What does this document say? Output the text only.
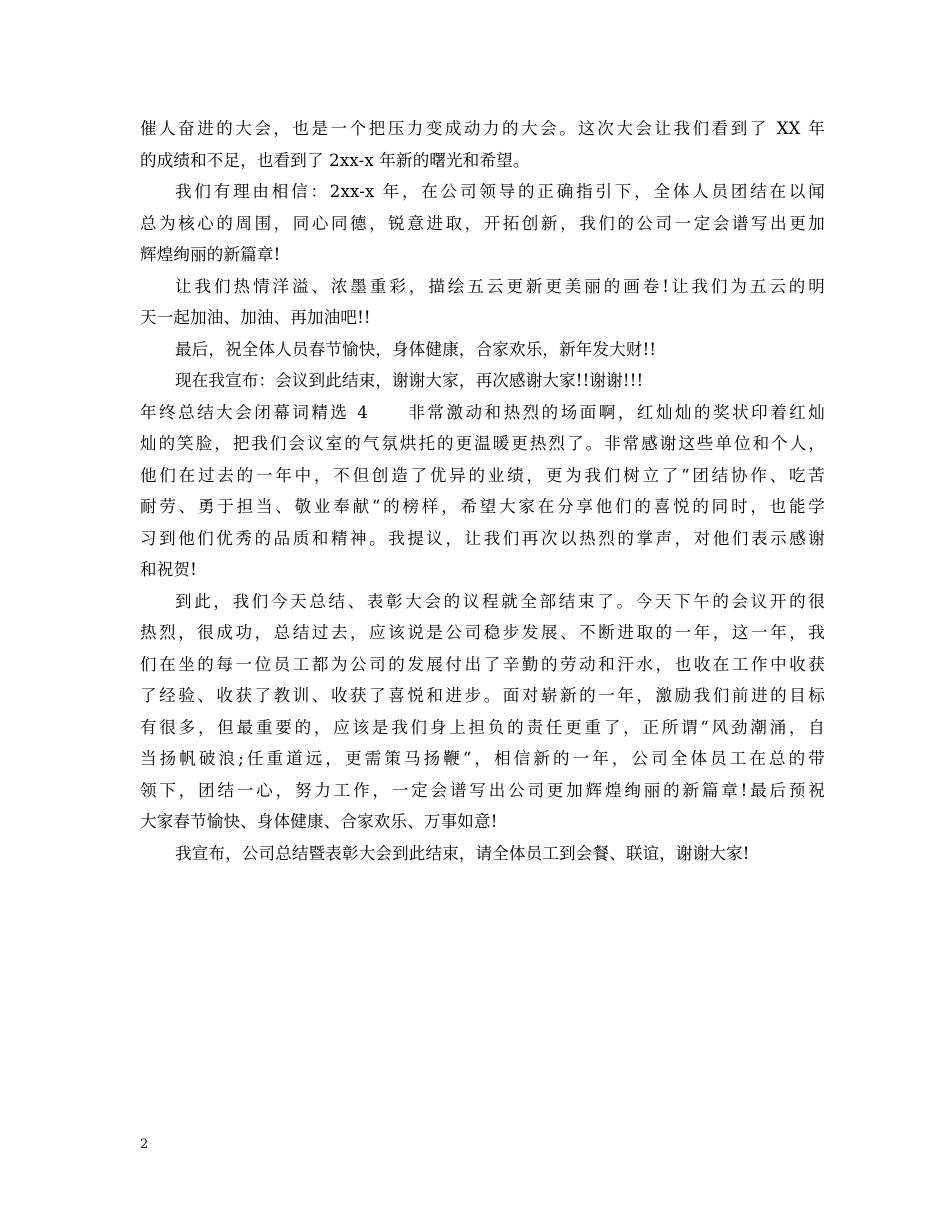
催人奋进的大会，也是一个把压力变成动力的大会。这次大会让我们看到了 XX 年
的成绩和不足，也看到了 2xx-x 年新的曙光和希望。
我们有理由相信：2xx-x 年，在公司领导的正确指引下，全体人员团结在以闻
总为核心的周围，同心同德，锐意进取，开拓创新，我们的公司一定会谱写出更加
辉煌绚丽的新篇章!
让我们热情洋溢、浓墨重彩，描绘五云更新更美丽的画卷!让我们为五云的明
天一起加油、加油、再加油吧!!
最后，祝全体人员春节愉快，身体健康，合家欢乐，新年发大财!!
现在我宣布：会议到此结束，谢谢大家，再次感谢大家!!谢谢!!!
年终总结大会闭幕词精选 4　　非常激动和热烈的场面啊，红灿灿的奖状印着红灿
灿的笑脸，把我们会议室的气氛烘托的更温暖更热烈了。非常感谢这些单位和个人，
他们在过去的一年中，不但创造了优异的业绩，更为我们树立了“团结协作、吃苦
耐劳、勇于担当、敬业奉献“的榜样，希望大家在分享他们的喜悦的同时，也能学
习到他们优秀的品质和精神。我提议，让我们再次以热烈的掌声，对他们表示感谢
和祝贺!
到此，我们今天总结、表彰大会的议程就全部结束了。今天下午的会议开的很
热烈，很成功，总结过去，应该说是公司稳步发展、不断进取的一年，这一年，我
们在坐的每一位员工都为公司的发展付出了辛勤的劳动和汗水，也收在工作中收获
了经验、收获了教训、收获了喜悦和进步。面对崭新的一年，激励我们前进的目标
有很多，但最重要的，应该是我们身上担负的责任更重了，正所谓“风劲潮涌，自
当扬帆破浪;任重道远，更需策马扬鞭“，相信新的一年，公司全体员工在总的带
领下，团结一心，努力工作，一定会谱写出公司更加辉煌绚丽的新篇章!最后预祝
大家春节愉快、身体健康、合家欢乐、万事如意!
我宣布，公司总结暨表彰大会到此结束，请全体员工到会餐、联谊，谢谢大家!
2
